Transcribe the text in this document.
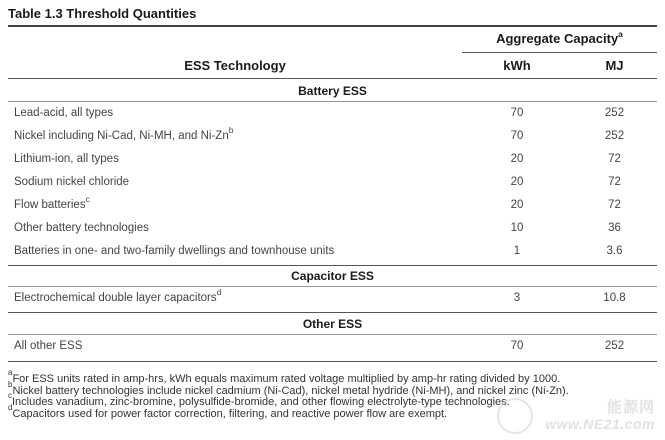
Table 1.3 Threshold Quantities
Aggregate Capacity$^a$
ESS Technology	kWh	MJ
Battery ESS
Lead-acid, all types	70	252
Nickel including Ni-Cad, Ni-MH, and Ni-Zn$^b$	70	252
Lithium-ion, all types	20	72
Sodium nickel chloride	20	72
Flow batteries$^c$	20	72
Other battery technologies	10	36
Batteries in one- and two-family dwellings and townhouse units	1	3.6
Capacitor ESS
Electrochemical double layer capacitors$^d$	3	10.8
Other ESS
All other ESS	70	252
$^a$For ESS units rated in amp-hrs, kWh equals maximum rated voltage multiplied by amp-hr rating divided by 1000.
$^b$Nickel battery technologies include nickel cadmium (Ni-Cad), nickel metal hydride (Ni-MH), and nickel zinc (Ni-Zn).
$^c$Includes vanadium, zinc-bromine, polysulfide-bromide, and other flowing electrolyte-type technologies.
$^d$Capacitors used for power factor correction, filtering, and reactive power flow are exempt.	能源网
www.NE21.com
